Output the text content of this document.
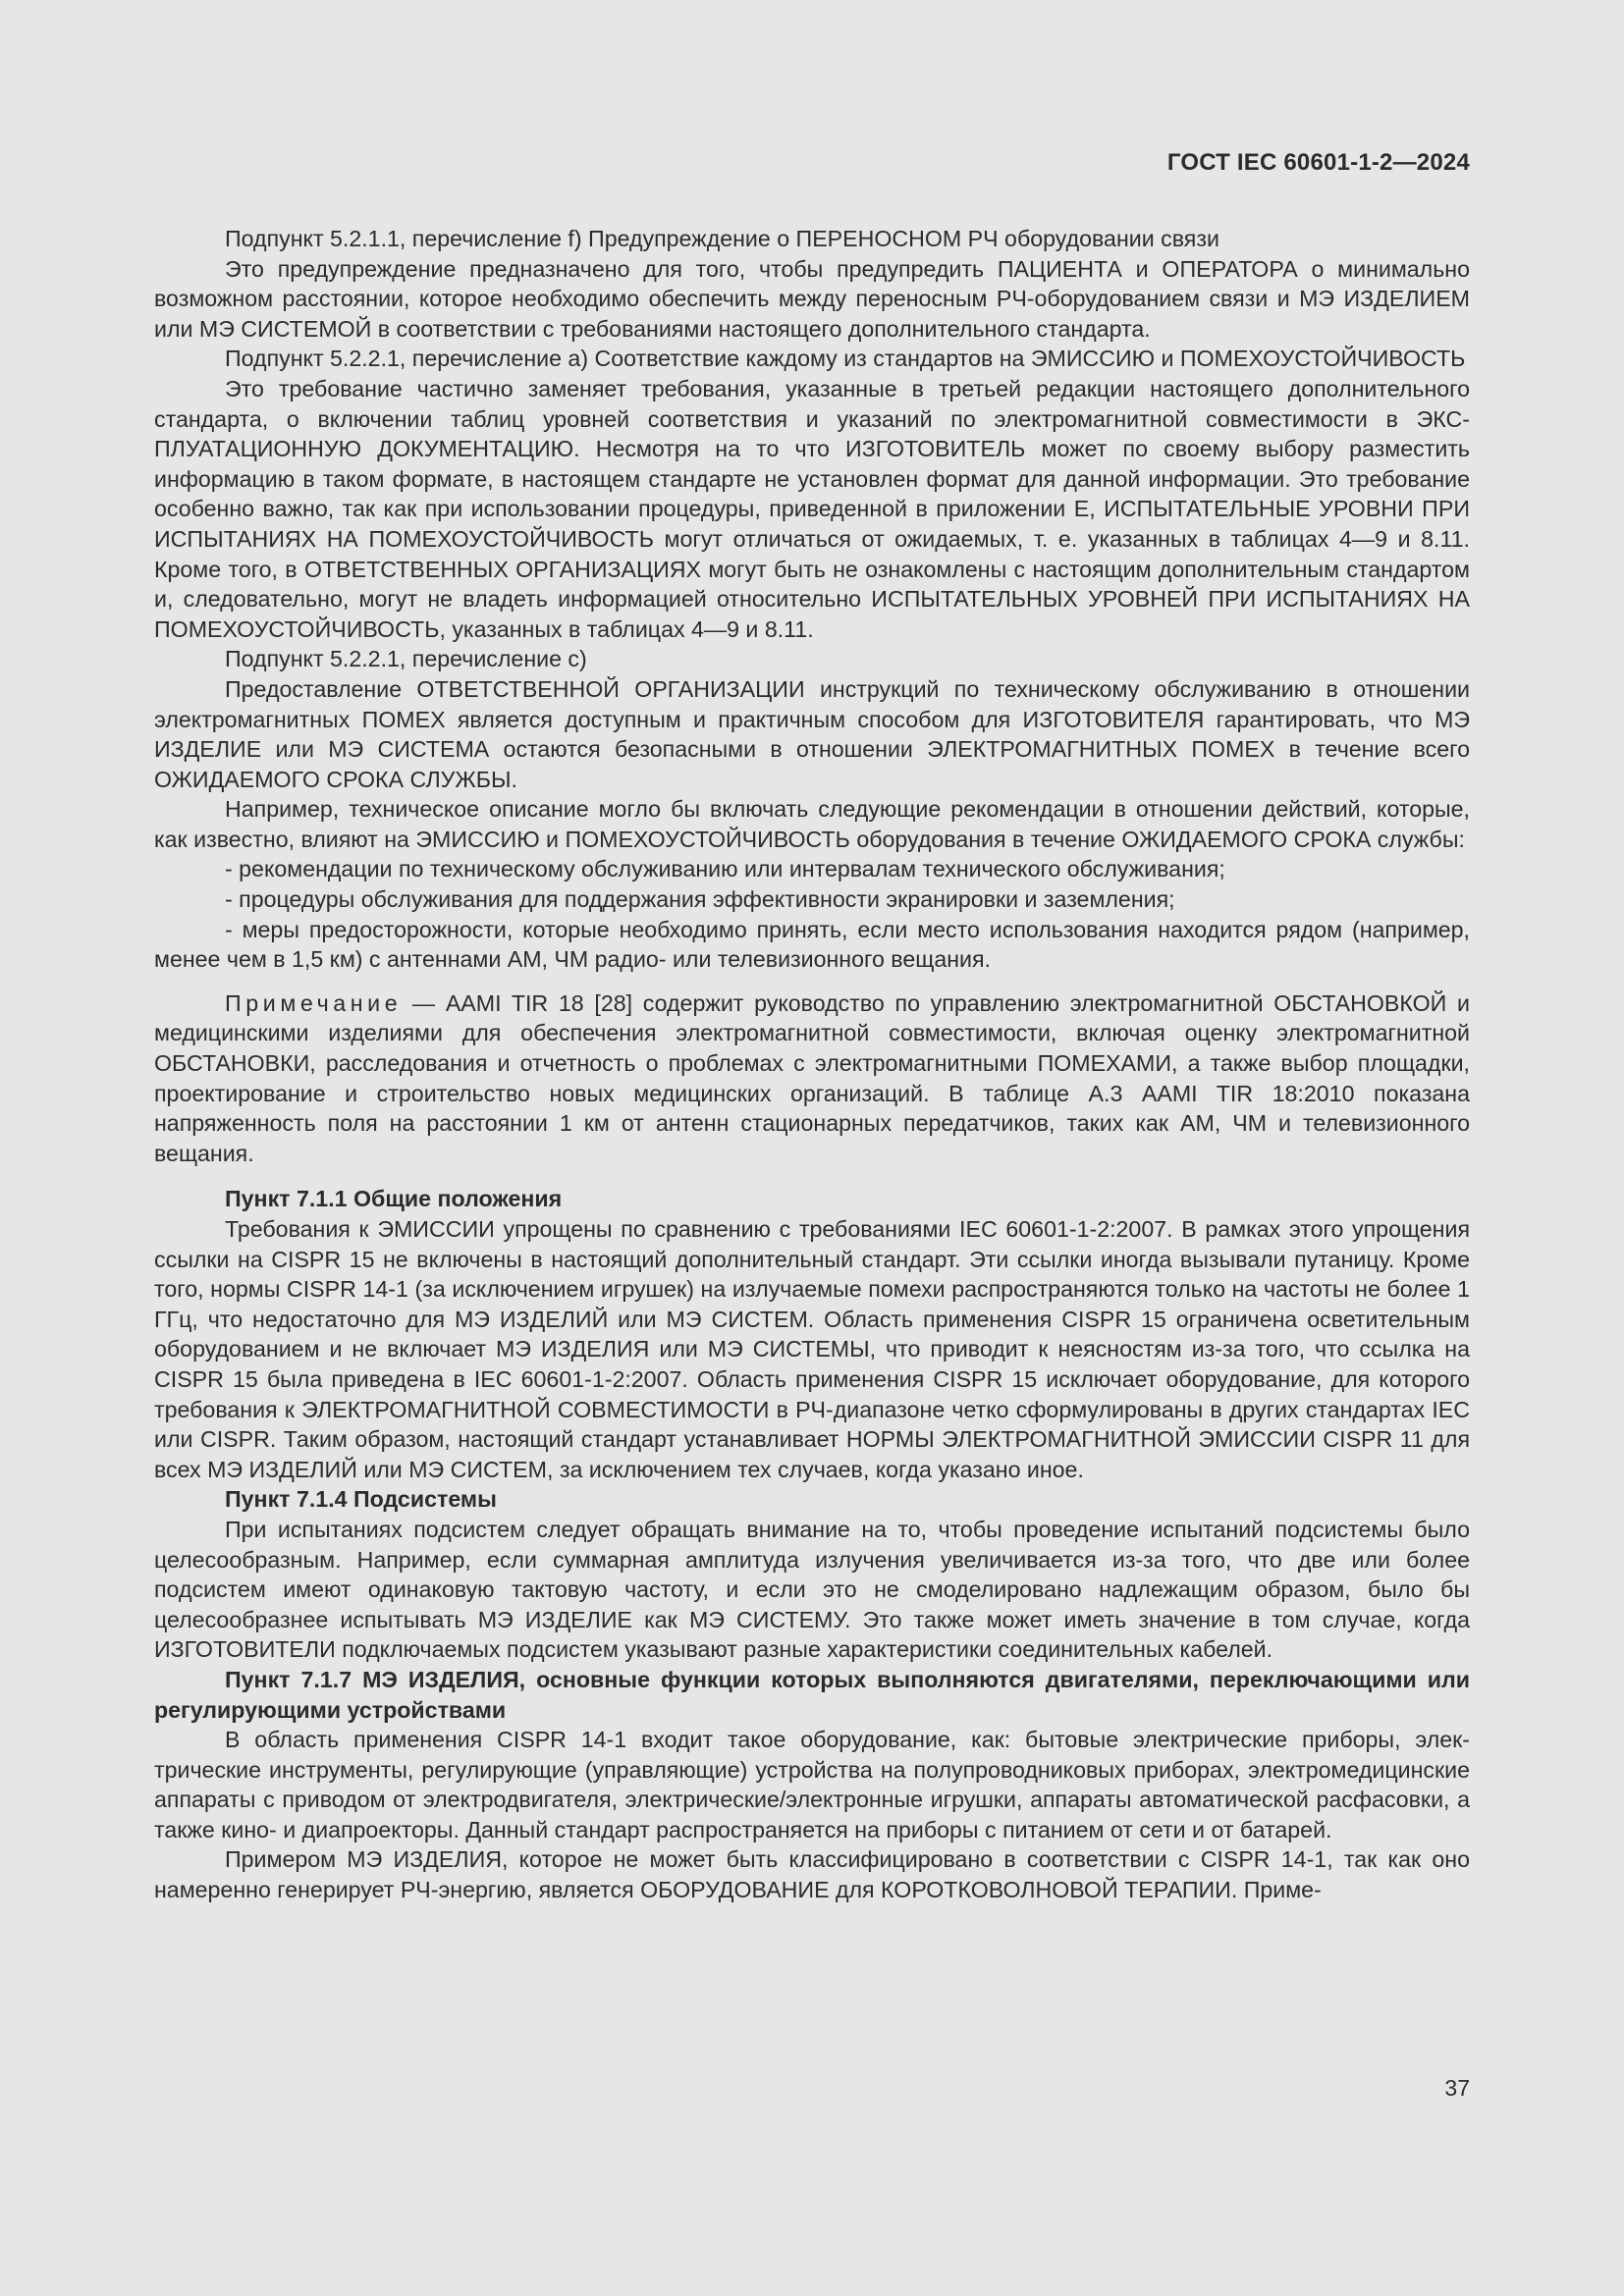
ГОСТ IEC 60601-1-2—2024

Подпункт 5.2.1.1, перечисление f) Предупреждение о ПЕРЕНОСНОМ РЧ оборудовании связи

Это предупреждение предназначено для того, чтобы предупредить ПАЦИЕНТА и ОПЕРАТОРА о минимально возможном расстоянии, которое необходимо обеспечить между переносным РЧ-оборудованием связи и МЭ ИЗДЕЛИЕМ или МЭ СИСТЕМОЙ в соответствии с требованиями настоящего дополнительного стандарта.

Подпункт 5.2.2.1, перечисление a) Соответствие каждому из стандартов на ЭМИССИЮ и ПОМЕХОУСТОЙЧИВОСТЬ

Это требование частично заменяет требования, указанные в третьей редакции настоящего дополнительного стандарта, о включении таблиц уровней соответствия и указаний по электромагнитной совместимости в ЭКСПЛУАТАЦИОННУЮ ДОКУМЕНТАЦИЮ. Несмотря на то что ИЗГОТОВИТЕЛЬ может по своему выбору разместить информацию в таком формате, в настоящем стандарте не установлен формат для данной информации. Это требование особенно важно, так как при использовании процедуры, приведенной в приложении E, ИСПЫТАТЕЛЬНЫЕ УРОВНИ ПРИ ИСПЫТАНИЯХ НА ПОМЕХОУСТОЙЧИВОСТЬ могут отличаться от ожидаемых, т. е. указанных в таблицах 4—9 и 8.11. Кроме того, в ОТВЕТСТВЕННЫХ ОРГАНИЗАЦИЯХ могут быть не ознакомлены с настоящим дополнительным стандартом и, следовательно, могут не владеть информацией относительно ИСПЫТАТЕЛЬНЫХ УРОВНЕЙ ПРИ ИСПЫТАНИЯХ НА ПОМЕХОУСТОЙЧИВОСТЬ, указанных в таблицах 4—9 и 8.11.

Подпункт 5.2.2.1, перечисление c)

Предоставление ОТВЕТСТВЕННОЙ ОРГАНИЗАЦИИ инструкций по техническому обслуживанию в отношении электромагнитных ПОМЕХ является доступным и практичным способом для ИЗГОТОВИТЕЛЯ гарантировать, что МЭ ИЗДЕЛИЕ или МЭ СИСТЕМА остаются безопасными в отношении ЭЛЕКТРОМАГНИТНЫХ ПОМЕХ в течение всего ОЖИДАЕМОГО СРОКА СЛУЖБЫ.

Например, техническое описание могло бы включать следующие рекомендации в отношении действий, которые, как известно, влияют на ЭМИССИЮ и ПОМЕХОУСТОЙЧИВОСТЬ оборудования в течение ОЖИДАЕМОГО СРОКА службы:

- рекомендации по техническому обслуживанию или интервалам технического обслуживания;

- процедуры обслуживания для поддержания эффективности экранировки и заземления;

- меры предосторожности, которые необходимо принять, если место использования находится рядом (например, менее чем в 1,5 км) с антеннами АМ, ЧМ радио- или телевизионного вещания.

Примечание — AAMI TIR 18 [28] содержит руководство по управлению электромагнитной ОБСТАНОВКОЙ и медицинскими изделиями для обеспечения электромагнитной совместимости, включая оценку электромагнитной ОБСТАНОВКИ, расследования и отчетность о проблемах с электромагнитными ПОМЕХАМИ, а также выбор площадки, проектирование и строительство новых медицинских организаций. В таблице А.3 AAMI TIR 18:2010 показана напряженность поля на расстоянии 1 км от антенн стационарных передатчиков, таких как АМ, ЧМ и телевизионного вещания.

Пункт 7.1.1 Общие положения

Требования к ЭМИССИИ упрощены по сравнению с требованиями IEC 60601-1-2:2007. В рамках этого упрощения ссылки на CISPR 15 не включены в настоящий дополнительный стандарт. Эти ссылки иногда вызывали путаницу. Кроме того, нормы CISPR 14-1 (за исключением игрушек) на излучаемые помехи распространяются только на частоты не более 1 ГГц, что недостаточно для МЭ ИЗДЕЛИЙ или МЭ СИСТЕМ. Область применения CISPR 15 ограничена осветительным оборудованием и не включает МЭ ИЗДЕЛИЯ или МЭ СИСТЕМЫ, что приводит к неясностям из-за того, что ссылка на CISPR 15 была приведена в IEC 60601-1-2:2007. Область применения CISPR 15 исключает оборудование, для которого требования к ЭЛЕКТРОМАГНИТНОЙ СОВМЕСТИМОСТИ в РЧ-диапазоне четко сформулированы в других стандартах IEC или CISPR. Таким образом, настоящий стандарт устанавливает НОРМЫ ЭЛЕКТРОМАГНИТНОЙ ЭМИССИИ CISPR 11 для всех МЭ ИЗДЕЛИЙ или МЭ СИСТЕМ, за исключением тех случаев, когда указано иное.

Пункт 7.1.4 Подсистемы

При испытаниях подсистем следует обращать внимание на то, чтобы проведение испытаний подсистемы было целесообразным. Например, если суммарная амплитуда излучения увеличивается из-за того, что две или более подсистем имеют одинаковую тактовую частоту, и если это не смоделировано надлежащим образом, было бы целесообразнее испытывать МЭ ИЗДЕЛИЕ как МЭ СИСТЕМУ. Это также может иметь значение в том случае, когда ИЗГОТОВИТЕЛИ подключаемых подсистем указывают разные характеристики соединительных кабелей.

Пункт 7.1.7 МЭ ИЗДЕЛИЯ, основные функции которых выполняются двигателями, переключающими или регулирующими устройствами

В область применения CISPR 14-1 входит такое оборудование, как: бытовые электрические приборы, электрические инструменты, регулирующие (управляющие) устройства на полупроводниковых приборах, электромедицинские аппараты с приводом от электродвигателя, электрические/электронные игрушки, аппараты автоматической расфасовки, а также кино- и диапроекторы. Данный стандарт распространяется на приборы с питанием от сети и от батарей.

Примером МЭ ИЗДЕЛИЯ, которое не может быть классифицировано в соответствии с CISPR 14-1, так как оно намеренно генерирует РЧ-энергию, является ОБОРУДОВАНИЕ для КОРОТКОВОЛНОВОЙ ТЕРАПИИ. Приме-

37
